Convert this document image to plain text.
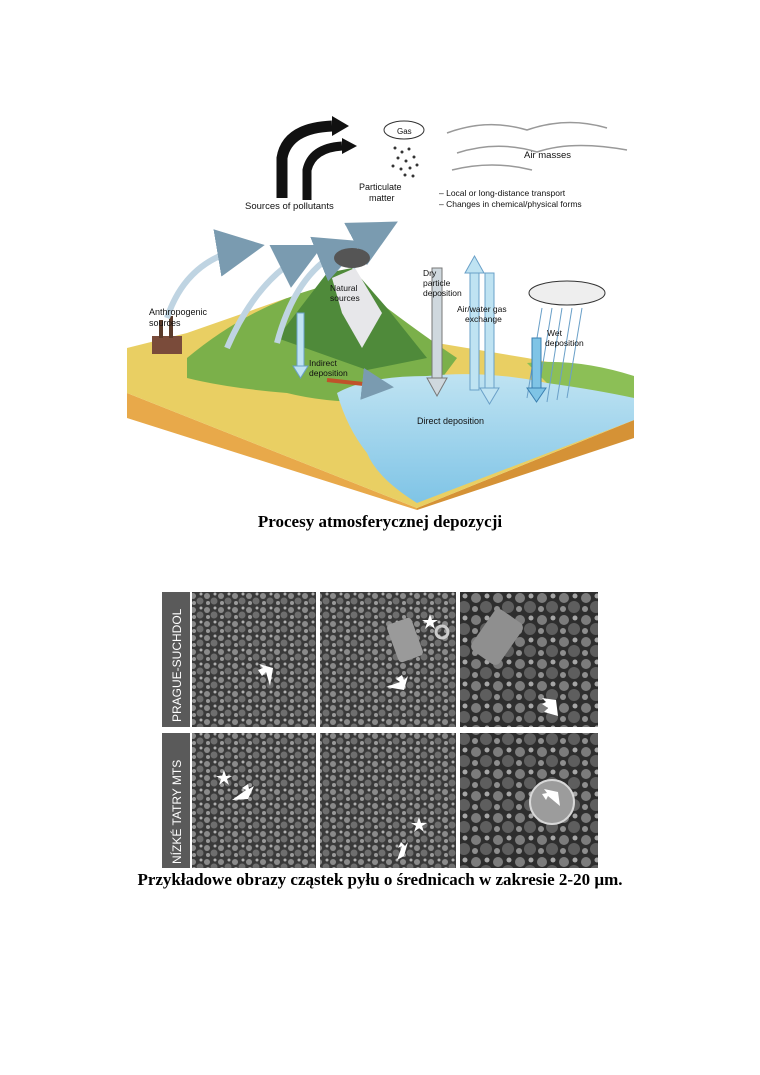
Sources of pollutants
Gas
Particulate
matter
Air masses
– Local or long-distance transport
– Changes in chemical/physical forms
Anthropogenic
sources
Natural
sources
Dry
particle
deposition
Air/water gas
exchange
Wet
deposition
Indirect
deposition
Direct deposition
Procesy atmosferycznej depozycji
PRAGUE-SUCHDOL
NÍZKÉ TATRY MTS
Przykładowe obrazy cząstek pyłu o średnicach w zakresie 2-20 µm.
